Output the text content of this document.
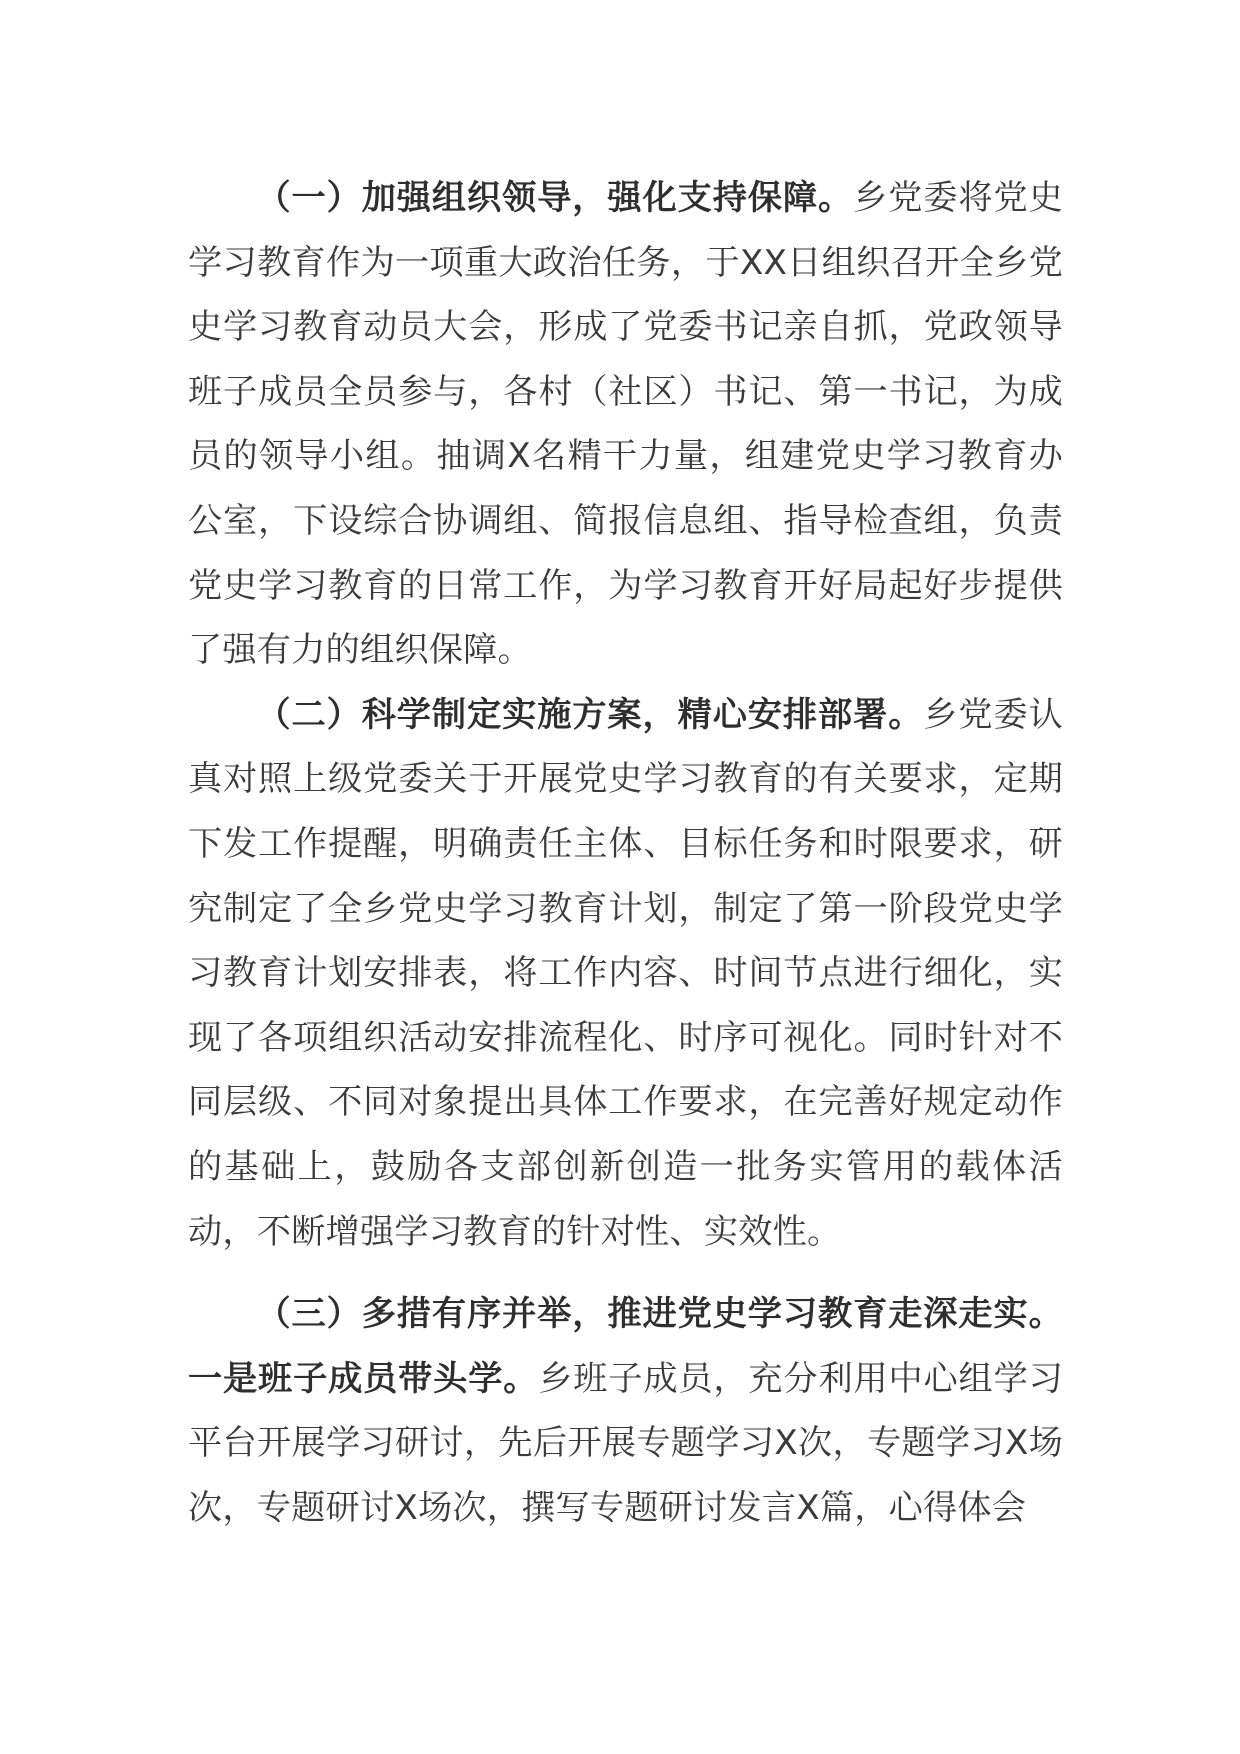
（一）加强组织领导，强化支持保障。乡党委将党史学习教育作为一项重大政治任务，于XX日组织召开全乡党史学习教育动员大会，形成了党委书记亲自抓，党政领导班子成员全员参与，各村（社区）书记、第一书记，为成员的领导小组。抽调X名精干力量，组建党史学习教育办公室，下设综合协调组、简报信息组、指导检查组，负责党史学习教育的日常工作，为学习教育开好局起好步提供了强有力的组织保障。

（二）科学制定实施方案，精心安排部署。乡党委认真对照上级党委关于开展党史学习教育的有关要求，定期下发工作提醒，明确责任主体、目标任务和时限要求，研究制定了全乡党史学习教育计划，制定了第一阶段党史学习教育计划安排表，将工作内容、时间节点进行细化，实现了各项组织活动安排流程化、时序可视化。同时针对不同层级、不同对象提出具体工作要求，在完善好规定动作的基础上，鼓励各支部创新创造一批务实管用的载体活动，不断增强学习教育的针对性、实效性。

（三）多措有序并举，推进党史学习教育走深走实。一是班子成员带头学。乡班子成员，充分利用中心组学习平台开展学习研讨，先后开展专题学习X次，专题学习X场次，专题研讨X场次，撰写专题研讨发言X篇，心得体会
